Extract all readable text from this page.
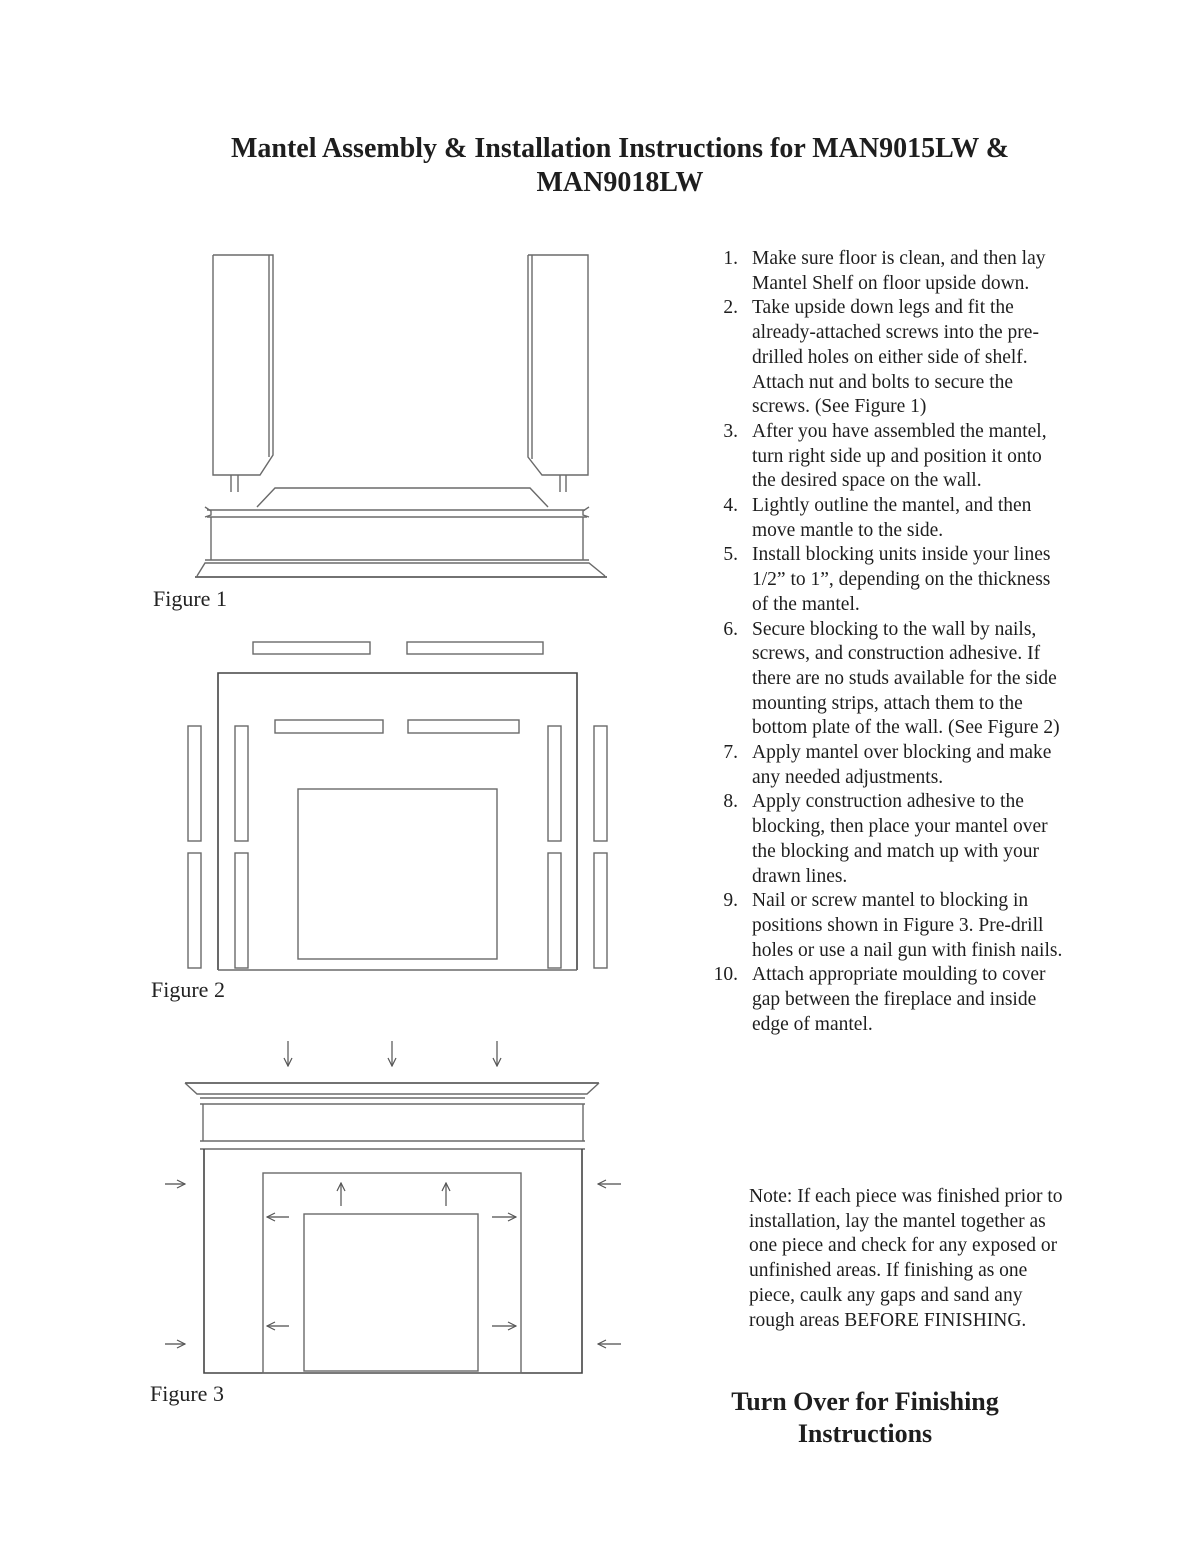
Mantel Assembly & Installation Instructions for MAN9015LW & MAN9018LW
Figure 1
Figure 2
Figure 3
1. Make sure floor is clean, and then lay Mantel Shelf on floor upside down.
2. Take upside down legs and fit the already-attached screws into the pre-drilled holes on either side of shelf. Attach nut and bolts to secure the screws. (See Figure 1)
3. After you have assembled the mantel, turn right side up and position it onto the desired space on the wall.
4. Lightly outline the mantel, and then move mantle to the side.
5. Install blocking units inside your lines 1/2” to 1”, depending on the thickness of the mantel.
6. Secure blocking to the wall by nails, screws, and construction adhesive. If there are no studs available for the side mounting strips, attach them to the bottom plate of the wall. (See Figure 2)
7. Apply mantel over blocking and make any needed adjustments.
8. Apply construction adhesive to the blocking, then place your mantel over the blocking and match up with your drawn lines.
9. Nail or screw mantel to blocking in positions shown in Figure 3. Pre-drill holes or use a nail gun with finish nails.
10. Attach appropriate moulding to cover gap between the fireplace and inside edge of mantel.

Note: If each piece was finished prior to installation, lay the mantel together as one piece and check for any exposed or unfinished areas. If finishing as one piece, caulk any gaps and sand any rough areas BEFORE FINISHING.

Turn Over for Finishing Instructions
